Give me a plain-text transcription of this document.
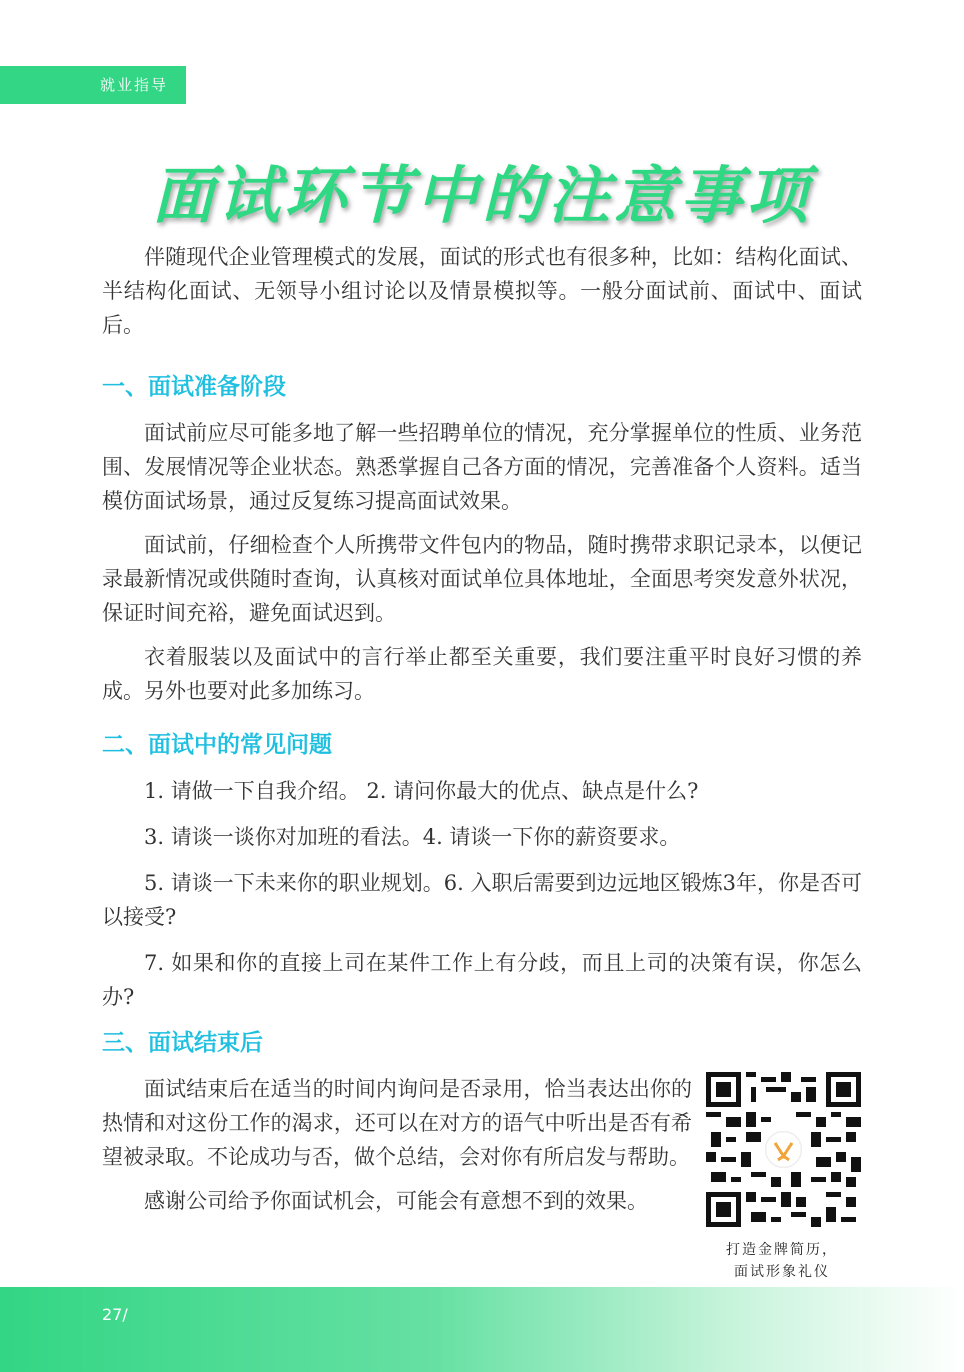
就业指导
面试环节中的注意事项

伴随现代企业管理模式的发展，面试的形式也有很多种，比如：结构化面试、半结构化面试、无领导小组讨论以及情景模拟等。一般分面试前、面试中、面试后。

一、面试准备阶段

面试前应尽可能多地了解一些招聘单位的情况，充分掌握单位的性质、业务范围、发展情况等企业状态。熟悉掌握自己各方面的情况，完善准备个人资料。适当模仿面试场景，通过反复练习提高面试效果。

面试前，仔细检查个人所携带文件包内的物品，随时携带求职记录本，以便记录最新情况或供随时查询，认真核对面试单位具体地址，全面思考突发意外状况，保证时间充裕，避免面试迟到。

衣着服装以及面试中的言行举止都至关重要，我们要注重平时良好习惯的养成。另外也要对此多加练习。

二、面试中的常见问题

1. 请做一下自我介绍。 2. 请问你最大的优点、缺点是什么?

3. 请谈一谈你对加班的看法。4. 请谈一下你的薪资要求。

5. 请谈一下未来你的职业规划。6. 入职后需要到边远地区锻炼3年，你是否可以接受?

7. 如果和你的直接上司在某件工作上有分歧，而且上司的决策有误，你怎么办?

三、面试结束后

面试结束后在适当的时间内询问是否录用，恰当表达出你的热情和对这份工作的渴求，还可以在对方的语气中听出是否有希望被录取。不论成功与否，做个总结，会对你有所启发与帮助。

感谢公司给予你面试机会，可能会有意想不到的效果。

打造金牌简历，
面试形象礼仪
27/
